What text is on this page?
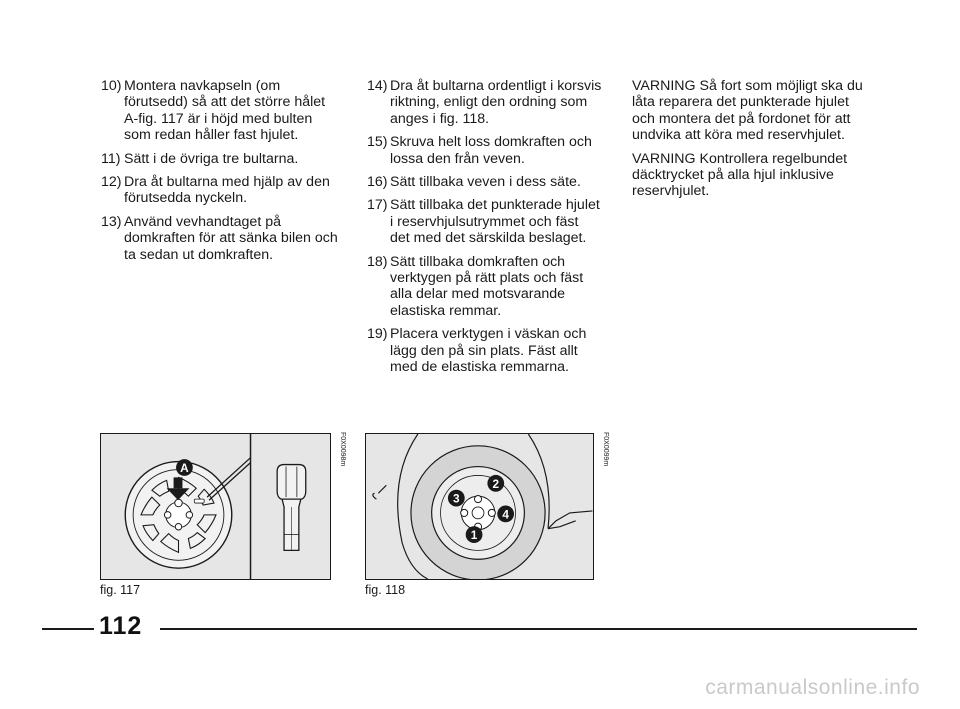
10) Montera navkapseln (om förutsedd) så att det större hålet A-fig. 117 är i höjd med bulten som redan håller fast hjulet.
11) Sätt i de övriga tre bultarna.
12) Dra åt bultarna med hjälp av den förutsedda nyckeln.
13) Använd vevhandtaget på domkraften för att sänka bilen och ta sedan ut domkraften.
14) Dra åt bultarna ordentligt i korsvis riktning, enligt den ordning som anges i fig. 118.
15) Skruva helt loss domkraften och lossa den från veven.
16) Sätt tillbaka veven i dess säte.
17) Sätt tillbaka det punkterade hjulet i reservhjulsutrymmet och fäst det med det särskilda beslaget.
18) Sätt tillbaka domkraften och verktygen på rätt plats och fäst alla delar med motsvarande elastiska remmar.
19) Placera verktygen i väskan och lägg den på sin plats. Fäst allt med de elastiska remmarna.
VARNING Så fort som möjligt ska du låta reparera det punkterade hjulet och montera det på fordonet för att undvika att köra med reservhjulet.
VARNING Kontrollera regelbundet däcktrycket på alla hjul inklusive reservhjulet.
A
F0X0098m
fig. 117
2
3
4
1
F0X0099m
fig. 118
112
carmanualsonline.info
